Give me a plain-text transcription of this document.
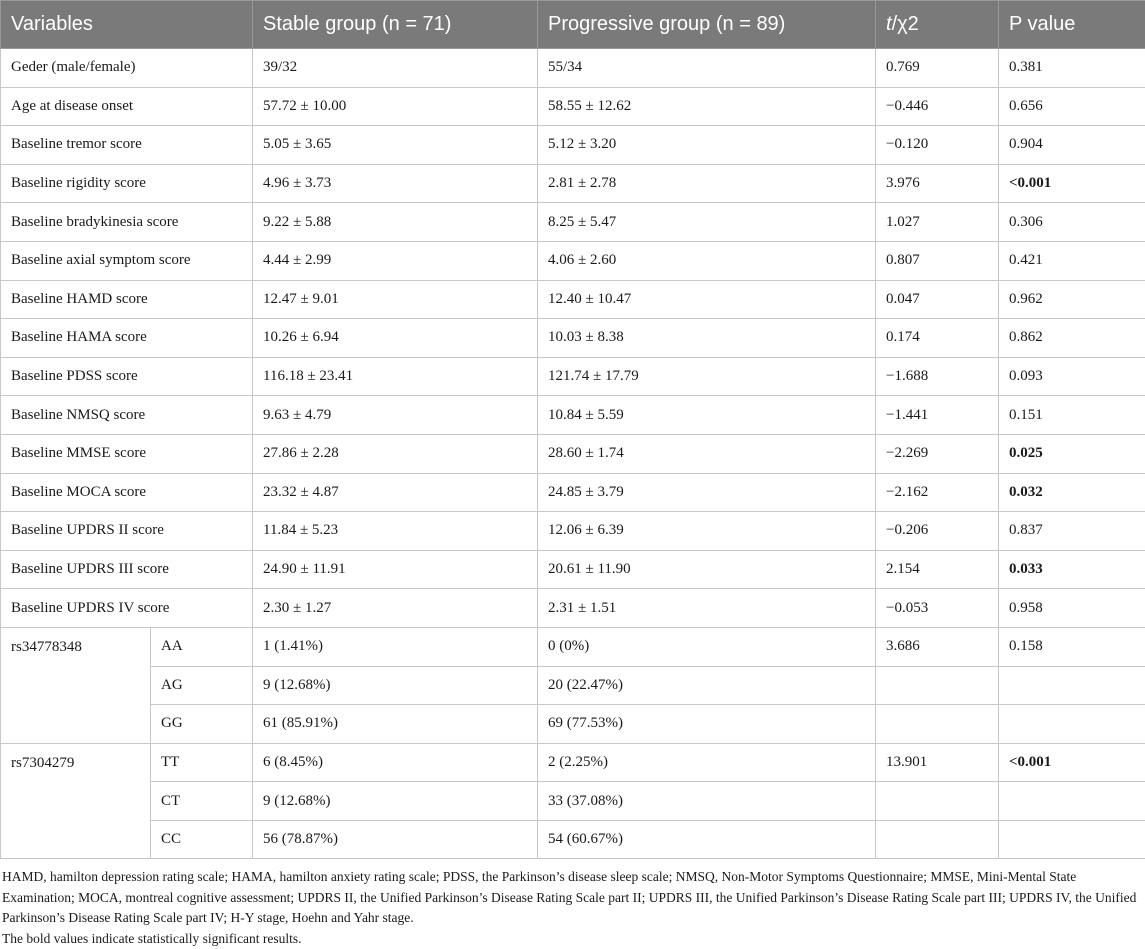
Variables		Stable group (n = 71)	Progressive group (n = 89)	t/χ2	P value
Geder (male/female)		39/32	55/34	0.769	0.381
Age at disease onset		57.72 ± 10.00	58.55 ± 12.62	−0.446	0.656
Baseline tremor score		5.05 ± 3.65	5.12 ± 3.20	−0.120	0.904
Baseline rigidity score		4.96 ± 3.73	2.81 ± 2.78	3.976	<0.001
Baseline bradykinesia score		9.22 ± 5.88	8.25 ± 5.47	1.027	0.306
Baseline axial symptom score		4.44 ± 2.99	4.06 ± 2.60	0.807	0.421
Baseline HAMD score		12.47 ± 9.01	12.40 ± 10.47	0.047	0.962
Baseline HAMA score		10.26 ± 6.94	10.03 ± 8.38	0.174	0.862
Baseline PDSS score		116.18 ± 23.41	121.74 ± 17.79	−1.688	0.093
Baseline NMSQ score		9.63 ± 4.79	10.84 ± 5.59	−1.441	0.151
Baseline MMSE score		27.86 ± 2.28	28.60 ± 1.74	−2.269	0.025
Baseline MOCA score		23.32 ± 4.87	24.85 ± 3.79	−2.162	0.032
Baseline UPDRS II score		11.84 ± 5.23	12.06 ± 6.39	−0.206	0.837
Baseline UPDRS III score		24.90 ± 11.91	20.61 ± 11.90	2.154	0.033
Baseline UPDRS IV score		2.30 ± 1.27	2.31 ± 1.51	−0.053	0.958
rs34778348	AA	1 (1.41%)	0 (0%)	3.686	0.158
	AG	9 (12.68%)	20 (22.47%)		
	GG	61 (85.91%)	69 (77.53%)		
rs7304279	TT	6 (8.45%)	2 (2.25%)	13.901	<0.001
	CT	9 (12.68%)	33 (37.08%)		
	CC	56 (78.87%)	54 (60.67%)		

HAMD, hamilton depression rating scale; HAMA, hamilton anxiety rating scale; PDSS, the Parkinson’s disease sleep scale; NMSQ, Non-Motor Symptoms Questionnaire; MMSE, Mini-Mental State Examination; MOCA, montreal cognitive assessment; UPDRS II, the Unified Parkinson’s Disease Rating Scale part II; UPDRS III, the Unified Parkinson’s Disease Rating Scale part III; UPDRS IV, the Unified Parkinson’s Disease Rating Scale part IV; H-Y stage, Hoehn and Yahr stage.

The bold values indicate statistically significant results.
